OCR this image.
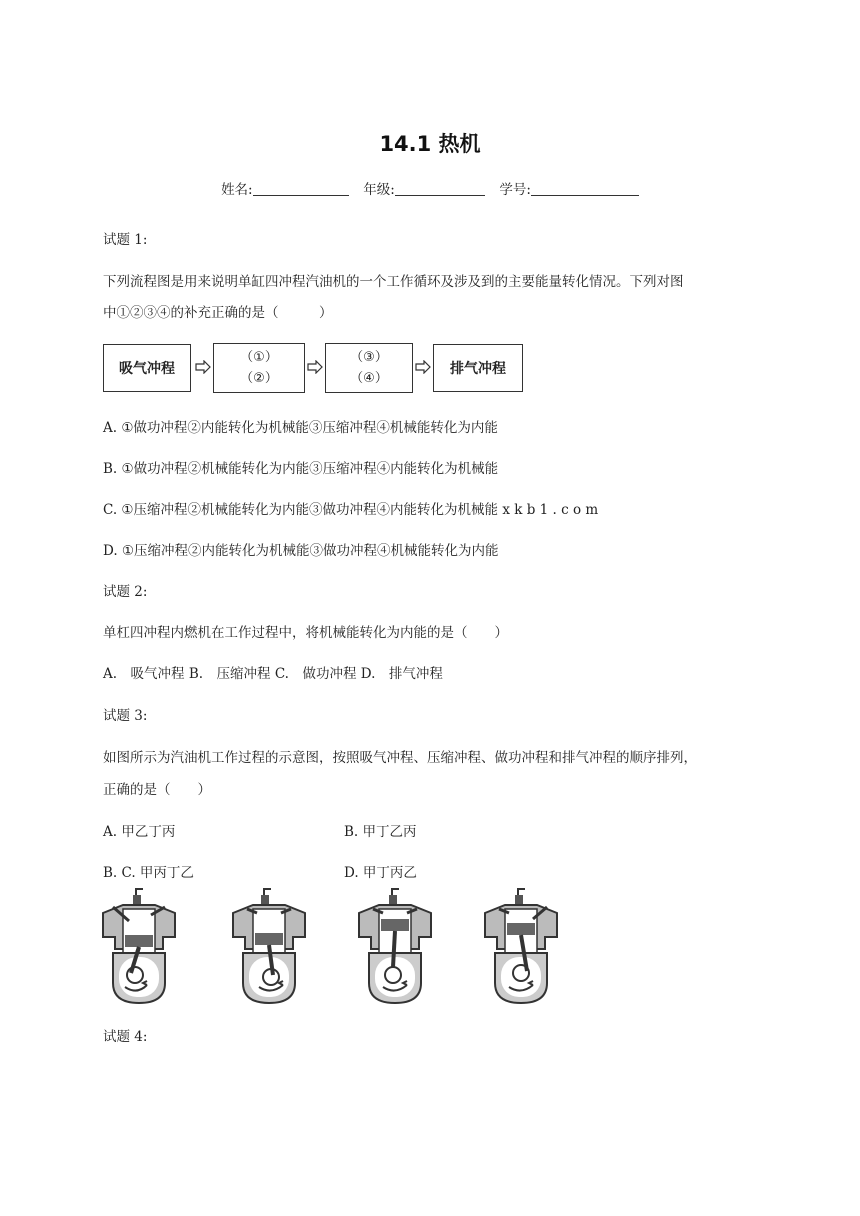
14.1 热机
姓名:	年级:	学号:
试题 1:
下列流程图是用来说明单缸四冲程汽油机的一个工作循环及涉及到的主要能量转化情况。下列对图
中①②③④的补充正确的是（　　　）
吸气冲程
（①）
（②）
（③）
（④）
排气冲程
A. ①做功冲程②内能转化为机械能③压缩冲程④机械能转化为内能
B. ①做功冲程②机械能转化为内能③压缩冲程④内能转化为机械能
C. ①压缩冲程②机械能转化为内能③做功冲程④内能转化为机械能 x k b 1 . c o m
D. ①压缩冲程②内能转化为机械能③做功冲程④机械能转化为内能
试题 2:
单杠四冲程内燃机在工作过程中，将机械能转化为内能的是（　　）
A.　吸气冲程 B.　压缩冲程 C.　做功冲程 D.　排气冲程
试题 3:
如图所示为汽油机工作过程的示意图，按照吸气冲程、压缩冲程、做功冲程和排气冲程的顺序排列，
正确的是（　　）
A. 甲乙丁丙	B. 甲丁乙丙
B. C. 甲丙丁乙	D. 甲丁丙乙
试题 4:
